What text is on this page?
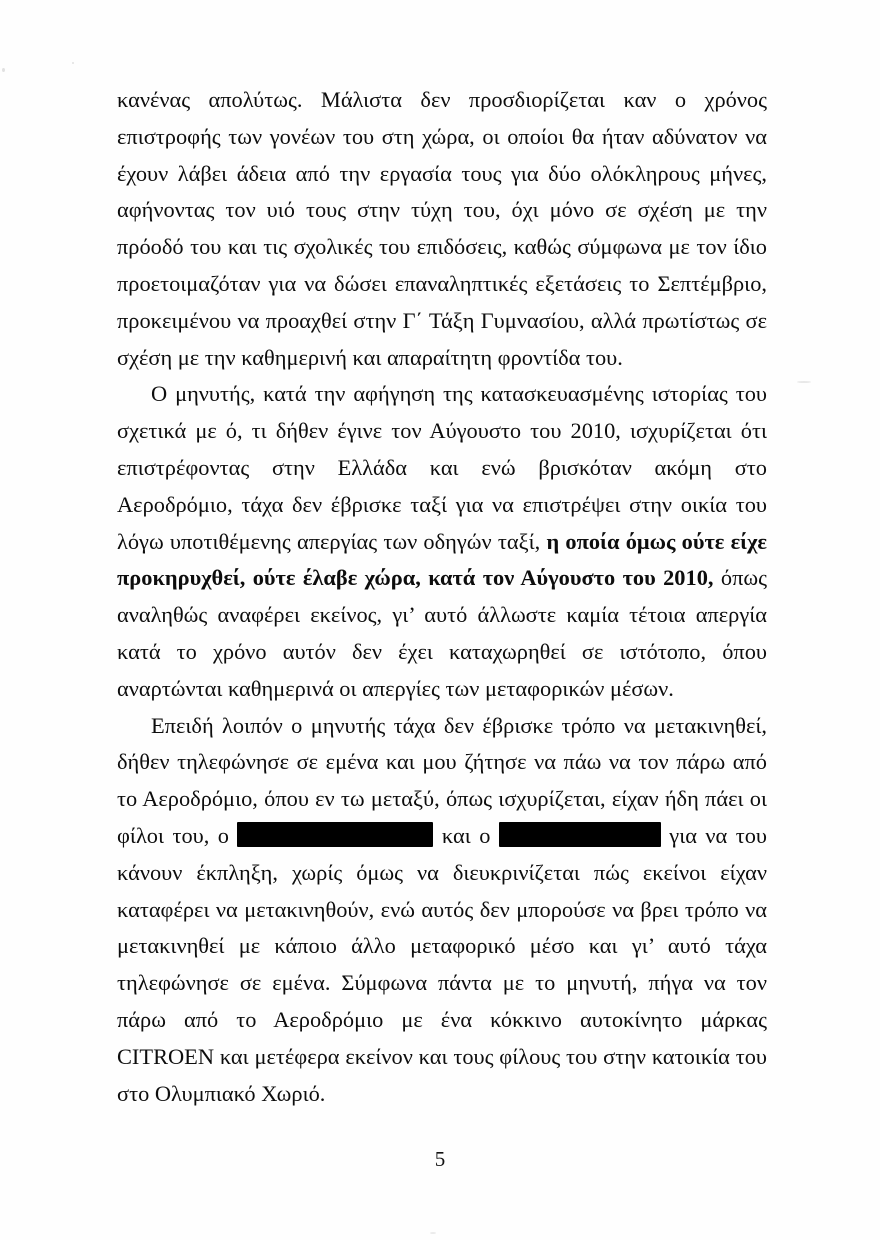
κανένας απολύτως. Μάλιστα δεν προσδιορίζεται καν ο χρόνος επιστροφής των γονέων του στη χώρα, οι οποίοι θα ήταν αδύνατον να έχουν λάβει άδεια από την εργασία τους για δύο ολόκληρους μήνες, αφήνοντας τον υιό τους στην τύχη του, όχι μόνο σε σχέση με την πρόοδό του και τις σχολικές του επιδόσεις, καθώς σύμφωνα με τον ίδιο προετοιμαζόταν για να δώσει επαναληπτικές εξετάσεις το Σεπτέμβριο, προκειμένου να προαχθεί στην Γ΄ Τάξη Γυμνασίου, αλλά πρωτίστως σε σχέση με την καθημερινή και απαραίτητη φροντίδα του.

Ο μηνυτής, κατά την αφήγηση της κατασκευασμένης ιστορίας του σχετικά με ό, τι δήθεν έγινε τον Αύγουστο του 2010, ισχυρίζεται ότι επιστρέφοντας στην Ελλάδα και ενώ βρισκόταν ακόμη στο Αεροδρόμιο, τάχα δεν έβρισκε ταξί για να επιστρέψει στην οικία του λόγω υποτιθέμενης απεργίας των οδηγών ταξί, η οποία όμως ούτε είχε προκηρυχθεί, ούτε έλαβε χώρα, κατά τον Αύγουστο του 2010, όπως αναληθώς αναφέρει εκείνος, γι’ αυτό άλλωστε καμία τέτοια απεργία κατά το χρόνο αυτόν δεν έχει καταχωρηθεί σε ιστότοπο, όπου αναρτώνται καθημερινά οι απεργίες των μεταφορικών μέσων.

Επειδή λοιπόν ο μηνυτής τάχα δεν έβρισκε τρόπο να μετακινηθεί, δήθεν τηλεφώνησε σε εμένα και μου ζήτησε να πάω να τον πάρω από το Αεροδρόμιο, όπου εν τω μεταξύ, όπως ισχυρίζεται, είχαν ήδη πάει οι φίλοι του, ο	και ο	για να του κάνουν έκπληξη, χωρίς όμως να διευκρινίζεται πώς εκείνοι είχαν καταφέρει να μετακινηθούν, ενώ αυτός δεν μπορούσε να βρει τρόπο να μετακινηθεί με κάποιο άλλο μεταφορικό μέσο και γι’ αυτό τάχα τηλεφώνησε σε εμένα. Σύμφωνα πάντα με το μηνυτή, πήγα να τον πάρω από το Αεροδρόμιο με ένα κόκκινο αυτοκίνητο μάρκας CITROEN και μετέφερα εκείνον και τους φίλους του στην κατοικία του στο Ολυμπιακό Χωριό.

5
